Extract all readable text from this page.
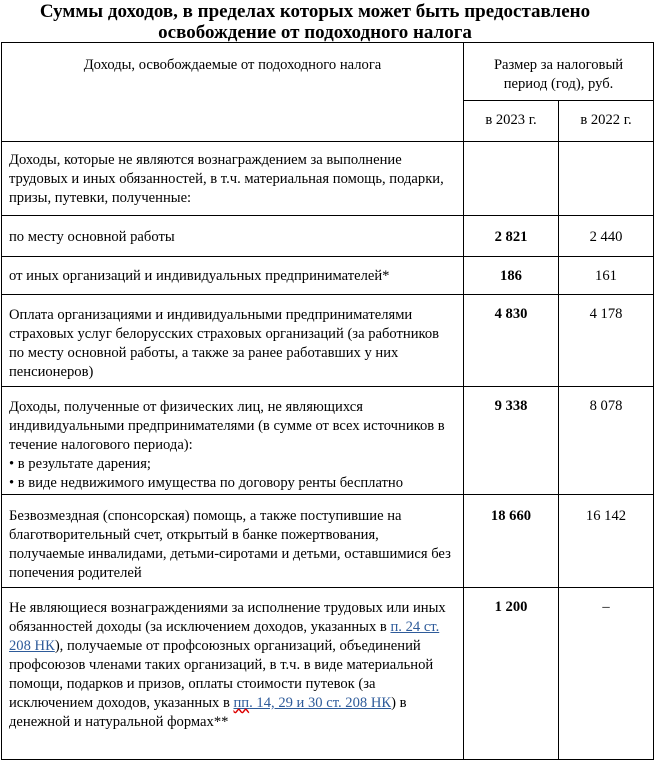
Суммы доходов, в пределах которых может быть предоставлено
освобождение от подоходного налога
Доходы, освобождаемые от подоходного налога	Размер за налоговый период (год), руб.	
	в 2023 г.	в 2022 г.
Доходы, которые не являются вознаграждением за выполнение трудовых и иных обязанностей, в т.ч. материальная помощь, подарки, призы, путевки, полученные:		
по месту основной работы	2 821	2 440
от иных организаций и индивидуальных предпринимателей*	186	161
Оплата организациями и индивидуальными предпринимателями страховых услуг белорусских страховых организаций (за работников по месту основной работы, а также за ранее работавших у них пенсионеров)	4 830	4 178

Доходы, полученные от физических лиц, не являющихся индивидуальными предпринимателями (в сумме от всех источников в течение налогового периода):
• в результате дарения;
• в виде недвижимого имущества по договору ренты бесплатно	9 338	8 078
Безвозмездная (спонсорская) помощь, а также поступившие на благотворительный счет, открытый в банке пожертвования, получаемые инвалидами, детьми-сиротами и детьми, оставшимися без попечения родителей	18 660	16 142
Не являющиеся вознаграждениями за исполнение трудовых или иных обязанностей доходы (за исключением доходов, указанных в п. 24 ст. 208 НК), получаемые от профсоюзных организаций, объединений профсоюзов членами таких организаций, в т.ч. в виде материальной помощи, подарков и призов, оплаты стоимости путевок (за исключением доходов, указанных в пп. 14, 29 и 30 ст. 208 НК) в денежной и натуральной формах**	1 200	–
